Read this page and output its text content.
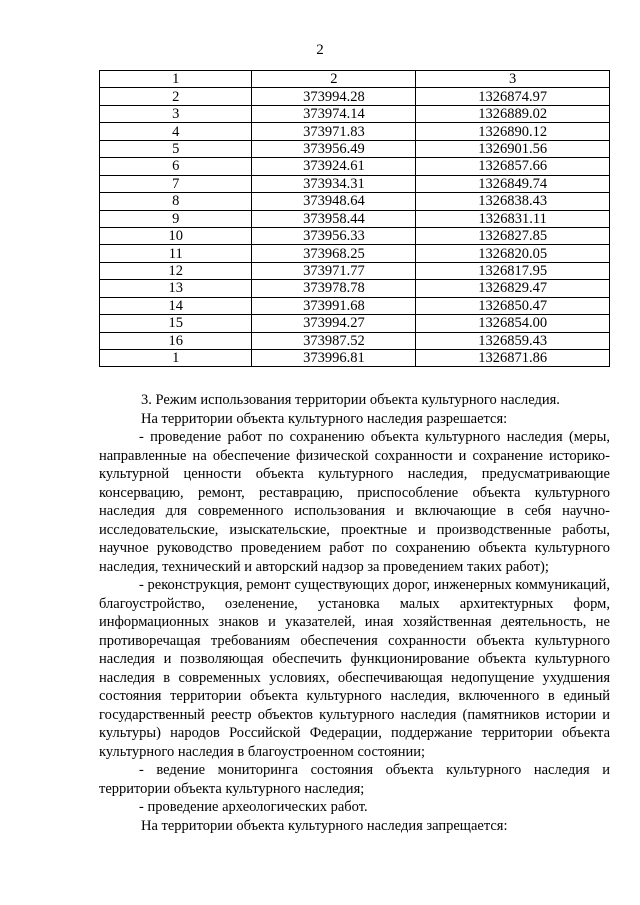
2
1	2	3
2	373994.28	1326874.97
3	373974.14	1326889.02
4	373971.83	1326890.12
5	373956.49	1326901.56
6	373924.61	1326857.66
7	373934.31	1326849.74
8	373948.64	1326838.43
9	373958.44	1326831.11
10	373956.33	1326827.85
11	373968.25	1326820.05
12	373971.77	1326817.95
13	373978.78	1326829.47
14	373991.68	1326850.47
15	373994.27	1326854.00
16	373987.52	1326859.43
1	373996.81	1326871.86

3. Режим использования территории объекта культурного наследия.

На территории объекта культурного наследия разрешается:

- проведение работ по сохранению объекта культурного наследия (меры, направленные на обеспечение физической сохранности и сохранение историко-культурной ценности объекта культурного наследия, предусматривающие консервацию, ремонт, реставрацию, приспособление объекта культурного наследия для современного использования и включающие в себя научно-исследовательские, изыскательские, проектные и производственные работы, научное руководство проведением работ по сохранению объекта культурного наследия, технический и авторский надзор за проведением таких работ);

- реконструкция, ремонт существующих дорог, инженерных коммуникаций, благоустройство, озеленение, установка малых архитектурных форм, информационных знаков и указателей, иная хозяйственная деятельность, не противоречащая требованиям обеспечения сохранности объекта культурного наследия и позволяющая обеспечить функционирование объекта культурного наследия в современных условиях, обеспечивающая недопущение ухудшения состояния территории объекта культурного наследия, включенного в единый государственный реестр объектов культурного наследия (памятников истории и культуры) народов Российской Федерации, поддержание территории объекта культурного наследия в благоустроенном состоянии;

- ведение мониторинга состояния объекта культурного наследия и территории объекта культурного наследия;

- проведение археологических работ.

На территории объекта культурного наследия запрещается:
